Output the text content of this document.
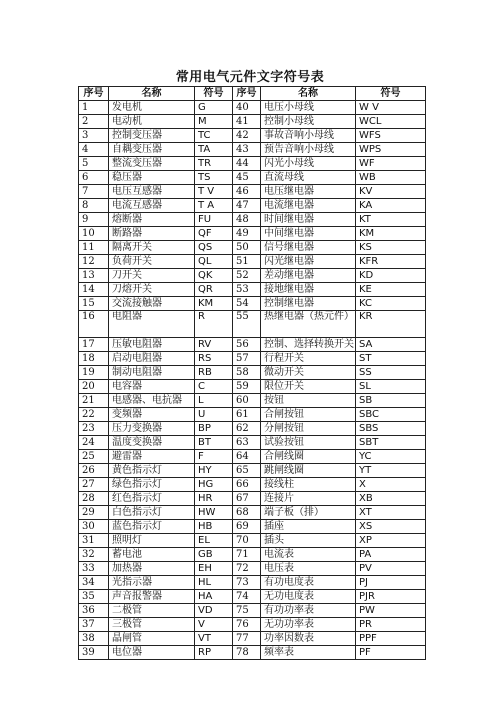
常用电气元件文字符号表
序号	名称	符号	序号	名称	符号
1	发电机	G	40	电压小母线	W V
2	电动机	M	41	控制小母线	WCL
3	控制变压器	TC	42	事故音响小母线	WFS
4	自耦变压器	TA	43	预告音响小母线	WPS
5	整流变压器	TR	44	闪光小母线	WF
6	稳压器	TS	45	直流母线	WB
7	电压互感器	T V	46	电压继电器	KV
8	电流互感器	T A	47	电流继电器	KA
9	熔断器	FU	48	时间继电器	KT
10	断路器	QF	49	中间继电器	KM
11	隔离开关	QS	50	信号继电器	KS
12	负荷开关	QL	51	闪光继电器	KFR
13	刀开关	QK	52	差动继电器	KD
14	刀熔开关	QR	53	接地继电器	KE
15	交流接触器	KM	54	控制继电器	KC
16	电阻器	R	55	热继电器（热元件）	KR
17	压敏电阻器	RV	56	控制、选择转换开关	SA
18	启动电阻器	RS	57	行程开关	ST
19	制动电阻器	RB	58	微动开关	SS
20	电容器	C	59	限位开关	SL
21	电感器、电抗器	L	60	按钮	SB
22	变频器	U	61	合闸按钮	SBC
23	压力变换器	BP	62	分闸按钮	SBS
24	温度变换器	BT	63	试验按钮	SBT
25	避雷器	F	64	合闸线圈	YC
26	黄色指示灯	HY	65	跳闸线圈	YT
27	绿色指示灯	HG	66	接线柱	X
28	红色指示灯	HR	67	连接片	XB
29	白色指示灯	HW	68	端子板（排）	XT
30	蓝色指示灯	HB	69	插座	XS
31	照明灯	EL	70	插头	XP
32	蓄电池	GB	71	电流表	PA
33	加热器	EH	72	电压表	PV
34	光指示器	HL	73	有功电度表	PJ
35	声音报警器	HA	74	无功电度表	PJR
36	二极管	VD	75	有功功率表	PW
37	三极管	V	76	无功功率表	PR
38	晶闸管	VT	77	功率因数表	PPF
39	电位器	RP	78	频率表	PF
